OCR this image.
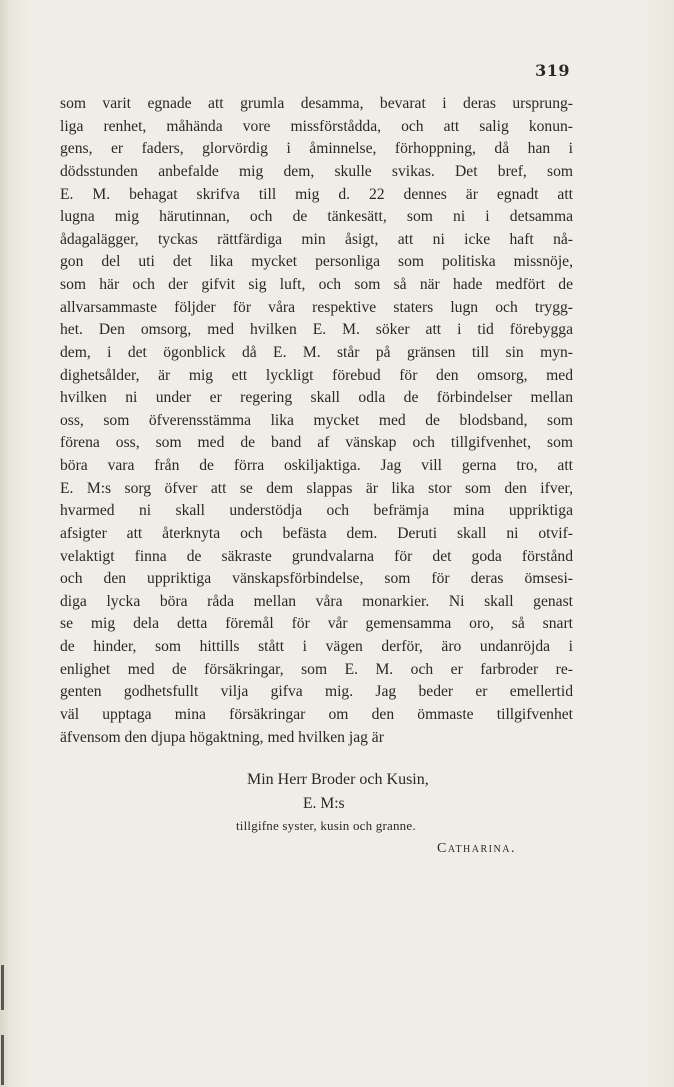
319
som varit egnade att grumla desamma, bevarat i deras ursprung-
liga renhet, måhända vore missförstådda, och att salig konun-
gens, er faders, glorvördig i åminnelse, förhoppning, då han i
dödsstunden anbefalde mig dem, skulle svikas. Det bref, som
E. M. behagat skrifva till mig d. 22 dennes är egnadt att
lugna mig härutinnan, och de tänkesätt, som ni i detsamma
ådagalägger, tyckas rättfärdiga min åsigt, att ni icke haft nå-
gon del uti det lika mycket personliga som politiska missnöje,
som här och der gifvit sig luft, och som så när hade medfört de
allvarsammaste följder för våra respektive staters lugn och trygg-
het. Den omsorg, med hvilken E. M. söker att i tid förebygga
dem, i det ögonblick då E. M. står på gränsen till sin myn-
dighetsålder, är mig ett lyckligt förebud för den omsorg, med
hvilken ni under er regering skall odla de förbindelser mellan
oss, som öfverensstämma lika mycket med de blodsband, som
förena oss, som med de band af vänskap och tillgifvenhet, som
böra vara från de förra oskiljaktiga. Jag vill gerna tro, att
E. M:s sorg öfver att se dem slappas är lika stor som den ifver,
hvarmed ni skall understödja och befrämja mina uppriktiga
afsigter att återknyta och befästa dem. Deruti skall ni otvif-
velaktigt finna de säkraste grundvalarna för det goda förstånd
och den uppriktiga vänskapsförbindelse, som för deras ömsesi-
diga lycka böra råda mellan våra monarkier. Ni skall genast
se mig dela detta föremål för vår gemensamma oro, så snart
de hinder, som hittills stått i vägen derför, äro undanröjda i
enlighet med de försäkringar, som E. M. och er farbroder re-
genten godhetsfullt vilja gifva mig. Jag beder er emellertid
väl upptaga mina försäkringar om den ömmaste tillgifvenhet
äfvensom den djupa högaktning, med hvilken jag är
Min Herr Broder och Kusin,
E. M:s
tillgifne syster, kusin och granne.
Catharina.
